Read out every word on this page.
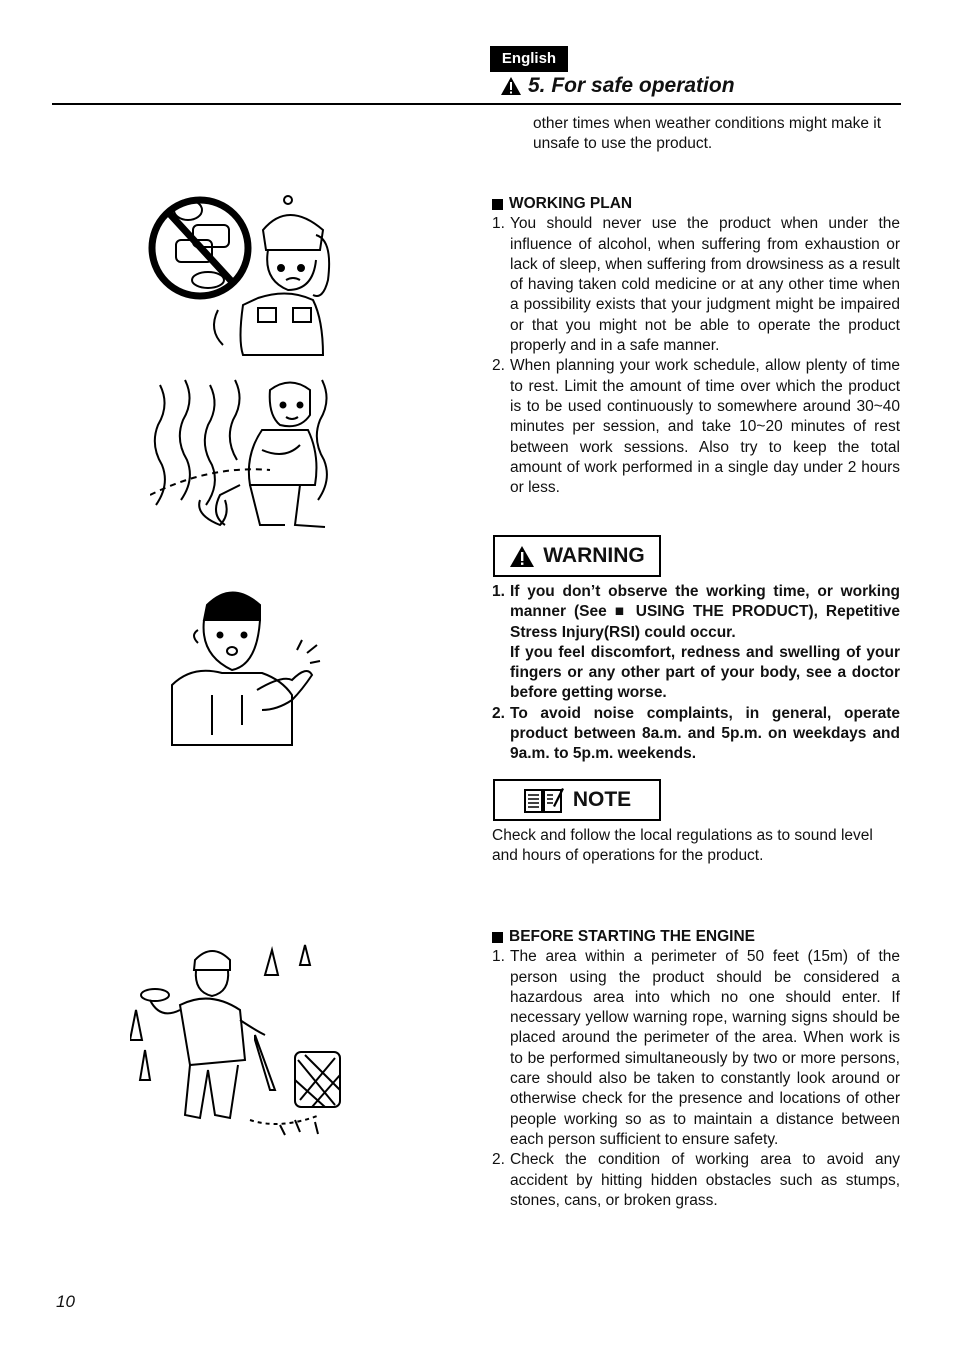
English
5. For safe operation
other times when weather conditions might make it unsafe to use the product.
WORKING PLAN
1. You should never use the product when under the influence of alcohol, when suffering from exhaustion or lack of sleep, when suffering from drowsiness as a result of having taken cold medicine or at any other time when a possibility exists that your judgment might be impaired or that you might not be able to operate the product properly and in a safe manner.
2. When planning your work schedule, allow plenty of time to rest. Limit the amount of time over which the product is to be used continuously to somewhere around 30~40 minutes per session, and take 10~20 minutes of rest between work sessions. Also try to keep the total amount of work performed in a single day under 2 hours or less.
WARNING
1. If you don’t observe the working time, or working manner (See ■ USING THE PRODUCT), Repetitive Stress Injury(RSI) could occur.
If you feel discomfort, redness and swelling of your fingers or any other part of your body, see a doctor before getting worse.
2. To avoid noise complaints, in general, operate product between 8a.m. and 5p.m. on weekdays and 9a.m. to 5p.m. weekends.
NOTE
Check and follow the local regulations as to sound level and hours of operations for the product.
BEFORE STARTING THE ENGINE
1. The area within a perimeter of 50 feet (15m) of the person using the product should be considered a hazardous area into which no one should enter. If necessary yellow warning rope, warning signs should be placed around the perimeter of the area. When work is to be performed simultaneously by two or more persons, care should also be taken to constantly look around or otherwise check for the presence and locations of other people working so as to maintain a distance between each person sufficient to ensure safety.
2. Check the condition of working area to avoid any accident by hitting hidden obstacles such as stumps, stones, cans, or broken grass.
10
